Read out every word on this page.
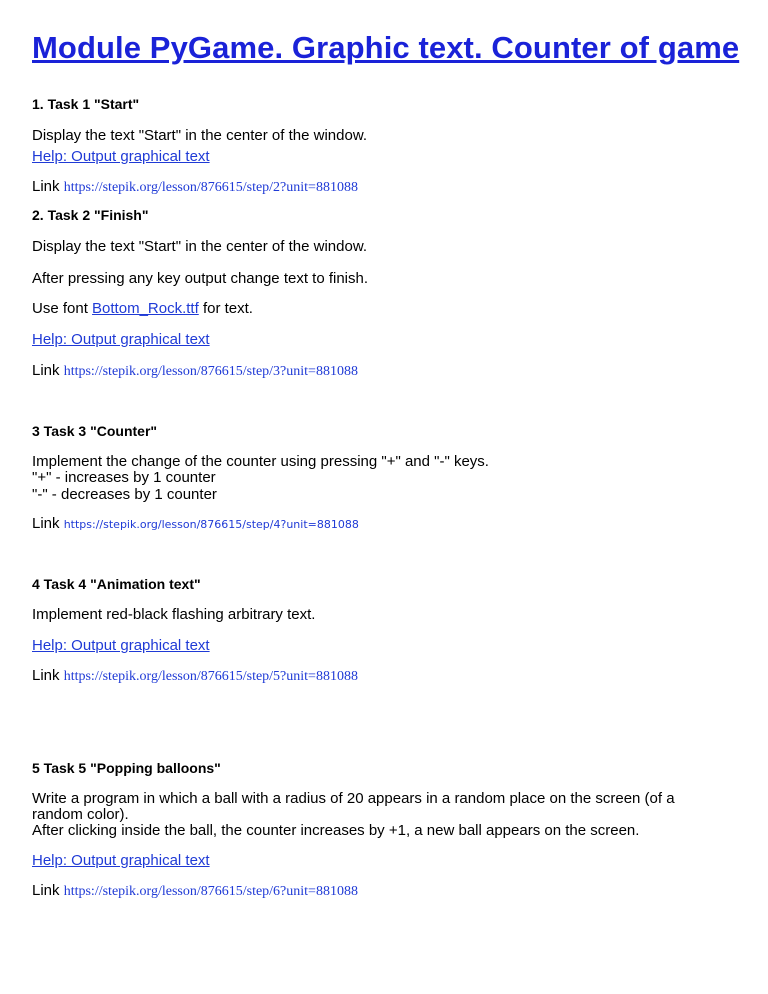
Module PyGame. Graphic text. Counter of game
1. Task 1 "Start"
Display the text "Start" in the center of the window.
Help: Output graphical text
Link https://stepik.org/lesson/876615/step/2?unit=881088
2. Task 2 "Finish"
Display the text "Start" in the center of the window.
After pressing any key output change text to finish.
Use font Bottom_Rock.ttf for text.
Help: Output graphical text
Link https://stepik.org/lesson/876615/step/3?unit=881088
3 Task 3 "Counter"
Implement the change of the counter using pressing "+" and "-" keys.
"+" - increases by 1 counter
"-" - decreases by 1 counter
Link https://stepik.org/lesson/876615/step/4?unit=881088
4 Task 4 "Animation text"
Implement red-black flashing arbitrary text.
Help: Output graphical text
Link https://stepik.org/lesson/876615/step/5?unit=881088
5 Task 5 "Popping balloons"
Write a program in which a ball with a radius of 20 appears in a random place on the screen (of a
random color).
After clicking inside the ball, the counter increases by +1, a new ball appears on the screen.
Help: Output graphical text
Link https://stepik.org/lesson/876615/step/6?unit=881088
